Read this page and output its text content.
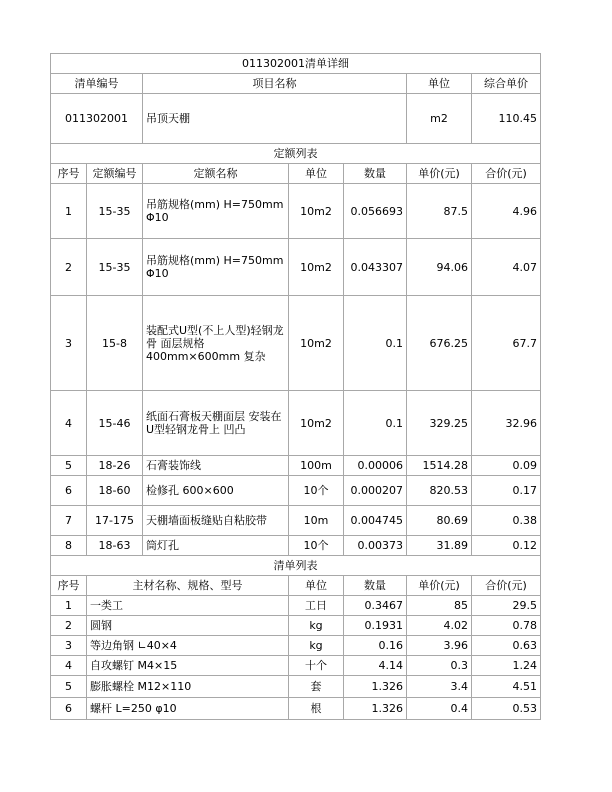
011302001清单详细						
清单编号		项目名称			单位	综合单价
011302001		吊顶天棚			m2	110.45
定额列表						
序号	定额编号	定额名称	单位	数量	单价(元)	合价(元)
1	15-35	吊筋规格(mm) H=750mm Φ10	10m2	0.056693	87.5	4.96
2	15-35	吊筋规格(mm) H=750mm Φ10	10m2	0.043307	94.06	4.07
3	15-8	装配式U型(不上人型)轻钢龙骨 面层规格400mm×600mm 复杂	10m2	0.1	676.25	67.7
4	15-46	纸面石膏板天棚面层 安装在U型轻钢龙骨上 凹凸	10m2	0.1	329.25	32.96
5	18-26	石膏装饰线	100m	0.00006	1514.28	0.09
6	18-60	检修孔 600×600	10个	0.000207	820.53	0.17
7	17-175	天棚墙面板缝贴自粘胶带	10m	0.004745	80.69	0.38
8	18-63	筒灯孔	10个	0.00373	31.89	0.12
清单列表						
序号	主材名称、规格、型号		单位	数量	单价(元)	合价(元)
1	一类工		工日	0.3467	85	29.5
2	圆钢		kg	0.1931	4.02	0.78
3	等边角钢 ∟40×4		kg	0.16	3.96	0.63
4	自攻螺钉 M4×15		十个	4.14	0.3	1.24
5	膨胀螺栓 M12×110		套	1.326	3.4	4.51
6	螺杆 L=250 φ10		根	1.326	0.4	0.53
